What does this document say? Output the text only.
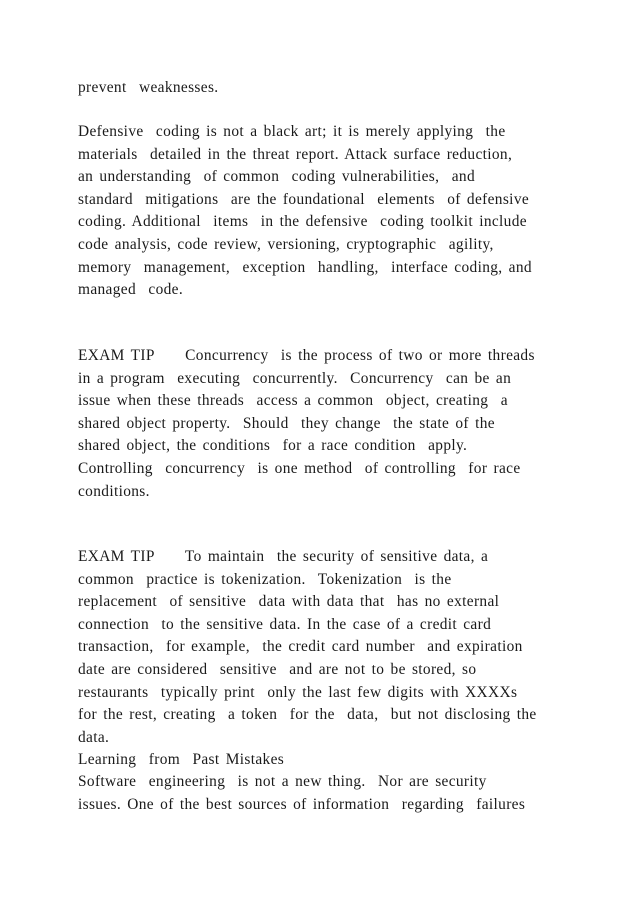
prevent  weaknesses.

Defensive  coding is not a black art; it is merely applying  the
materials  detailed in the threat report. Attack surface reduction,
an understanding  of common  coding vulnerabilities,  and
standard  mitigations  are the foundational  elements  of defensive
coding. Additional  items  in the defensive  coding toolkit include
code analysis, code review, versioning, cryptographic  agility,
memory  management,  exception  handling,  interface coding, and
managed  code.

EXAM TIP     Concurrency  is the process of two or more threads
in a program  executing  concurrently.  Concurrency  can be an
issue when these threads  access a common  object, creating  a
shared object property.  Should  they change  the state of the
shared object, the conditions  for a race condition  apply.
Controlling  concurrency  is one method  of controlling  for race
conditions.

EXAM TIP     To maintain  the security of sensitive data, a
common  practice is tokenization.  Tokenization  is the
replacement  of sensitive  data with data that  has no external
connection  to the sensitive data. In the case of a credit card
transaction,  for example,  the credit card number  and expiration
date are considered  sensitive  and are not to be stored, so
restaurants  typically print  only the last few digits with XXXXs
for the rest, creating  a token  for the  data,  but not disclosing the
data.

Learning  from  Past Mistakes

Software  engineering  is not a new thing.  Nor are security
issues. One of the best sources of information  regarding  failures
